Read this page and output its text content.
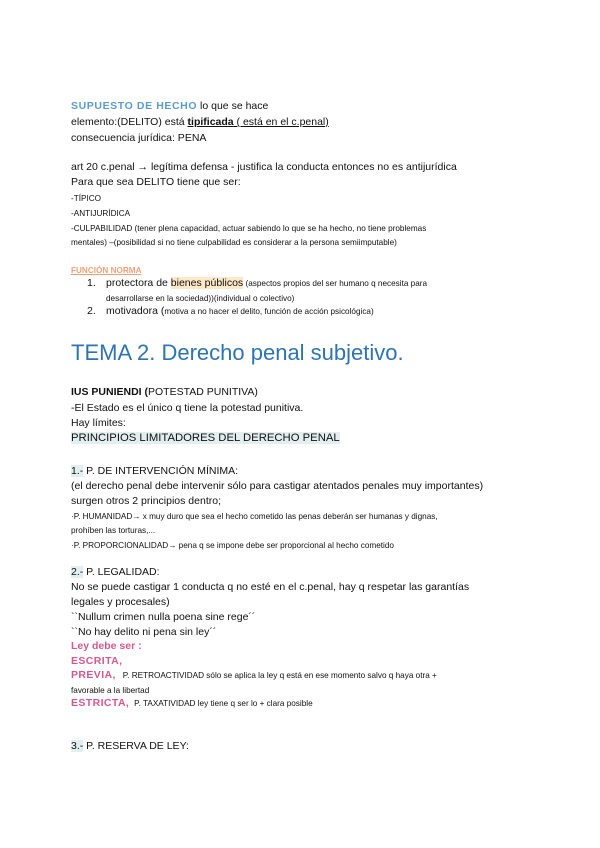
SUPUESTO DE HECHO lo que se hace
elemento:(DELITO) está tipificada ( está en el c.penal)
consecuencia jurídica: PENA
art 20 c.penal → legítima defensa - justifica la conducta entonces no es antijurídica
Para que sea DELITO tiene que ser:
-TÍPICO
-ANTIJURÍDICA
-CULPABILIDAD (tener plena capacidad, actuar sabiendo lo que se ha hecho, no tiene problemas
mentales) –(posibilidad si no tiene culpabilidad es considerar a la persona semiimputable)
FUNCIÓN NORMA
1. protectora de bienes públicos (aspectos propios del ser humano q necesita para
desarrollarse en la sociedad))(individual o colectivo)
2. motivadora (motiva a no hacer el delito, función de acción psicológica)
TEMA 2. Derecho penal subjetivo.
IUS PUNIENDI (POTESTAD PUNITIVA)
-El Estado es el único q tiene la potestad punitiva.
Hay límites:
PRINCIPIOS LIMITADORES DEL DERECHO PENAL
1.- P. DE INTERVENCIÓN MÍNIMA:
(el derecho penal debe intervenir sólo para castigar atentados penales muy importantes)
surgen otros 2 principios dentro;
·P. HUMANIDAD→ x muy duro que sea el hecho cometido las penas deberán ser humanas y dignas,
prohíben las torturas,...
·P. PROPORCIONALIDAD→ pena q se impone debe ser proporcional al hecho cometido
2.- P. LEGALIDAD:
No se puede castigar 1 conducta q no esté en el c.penal, hay q respetar las garantías
legales y procesales)
``Nullum crimen nulla poena sine rege´´
``No hay delito ni pena sin ley´´
Ley debe ser :
ESCRITA,
PREVIA, P. RETROACTIVIDAD sólo se aplica la ley q está en ese momento salvo q haya otra +
favorable a la libertad
ESTRICTA, P. TAXATIVIDAD ley tiene q ser lo + clara posible
3.- P. RESERVA DE LEY:
